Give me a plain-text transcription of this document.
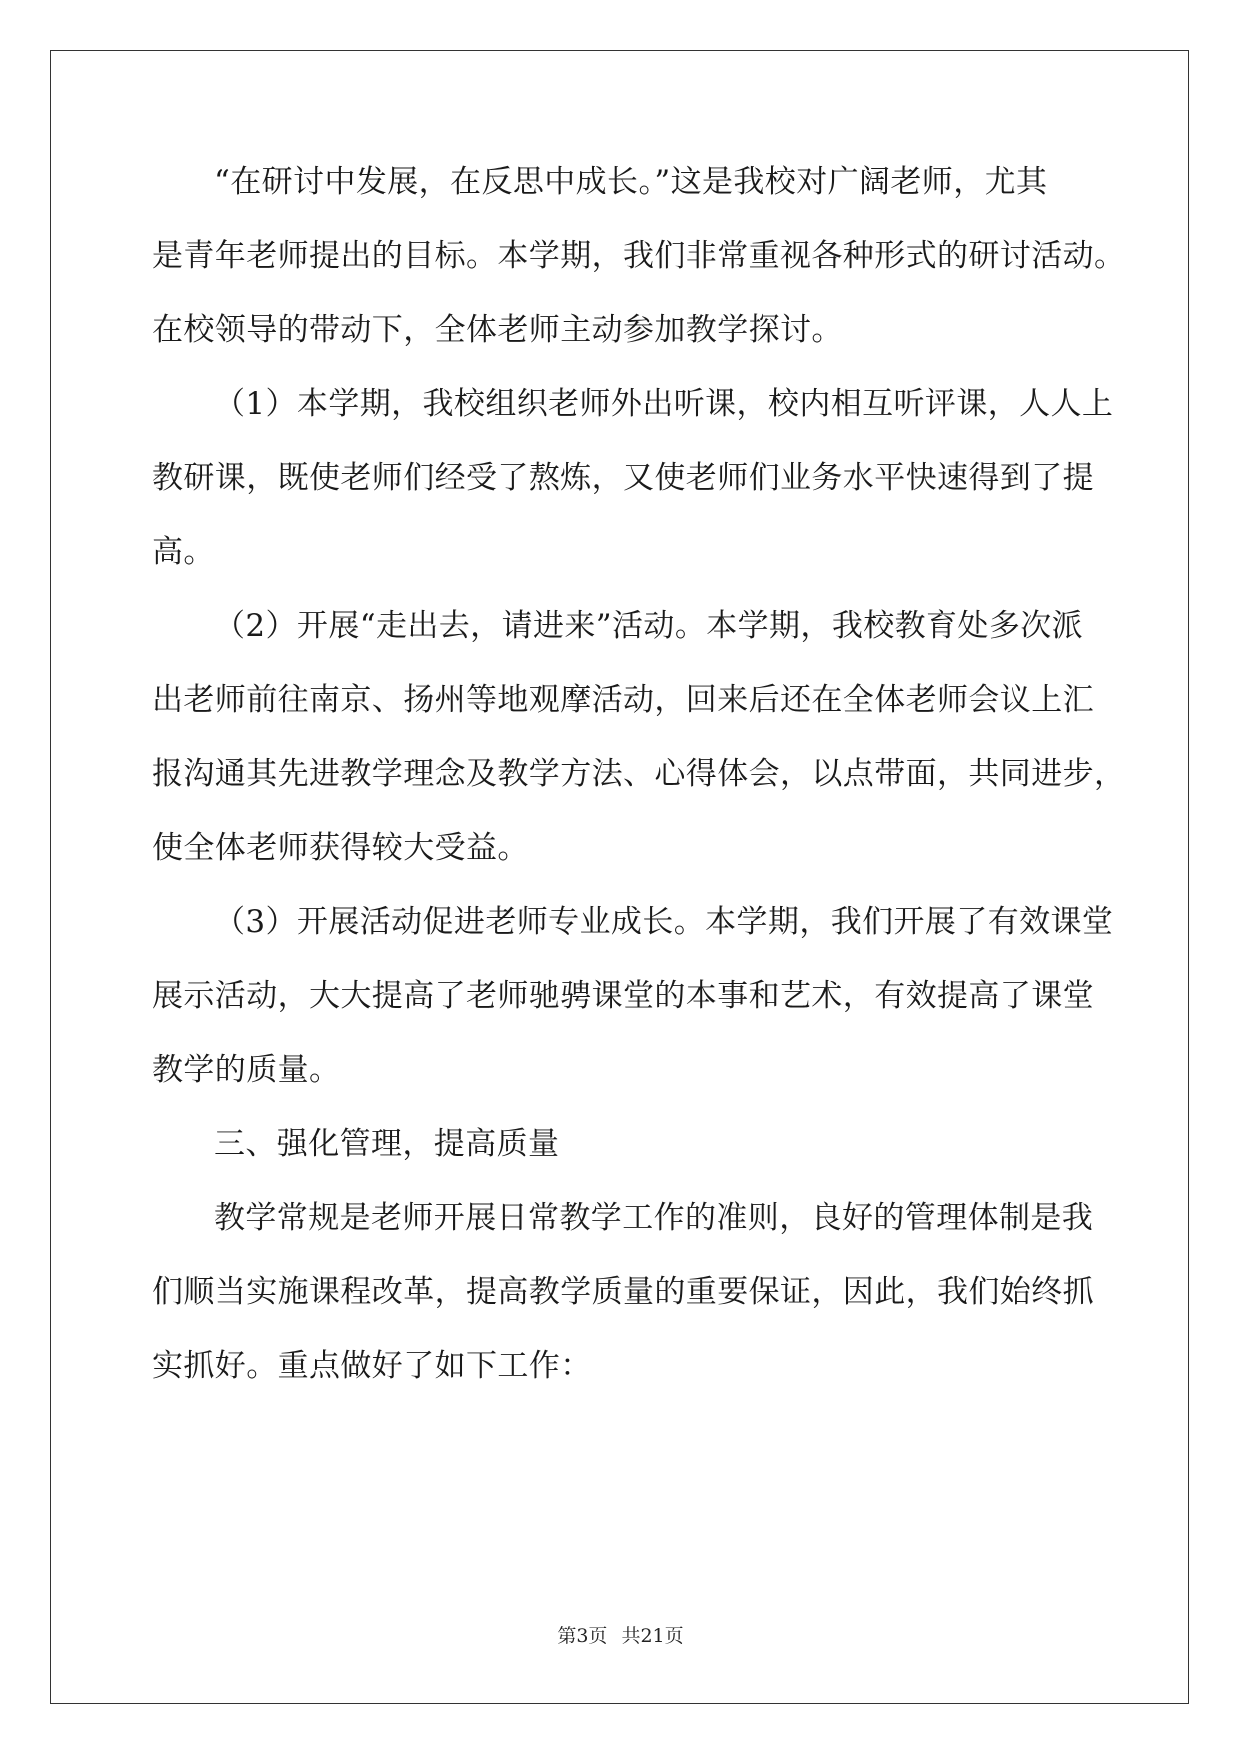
“在研讨中发展，在反思中成长。”这是我校对广阔老师，尤其
是青年老师提出的目标。本学期，我们非常重视各种形式的研讨活动。
在校领导的带动下，全体老师主动参加教学探讨。
（1）本学期，我校组织老师外出听课，校内相互听评课，人人上
教研课，既使老师们经受了熬炼，又使老师们业务水平快速得到了提
高。
（2）开展“走出去，请进来”活动。本学期，我校教育处多次派
出老师前往南京、扬州等地观摩活动，回来后还在全体老师会议上汇
报沟通其先进教学理念及教学方法、心得体会，以点带面，共同进步，
使全体老师获得较大受益。
（3）开展活动促进老师专业成长。本学期，我们开展了有效课堂
展示活动，大大提高了老师驰骋课堂的本事和艺术，有效提高了课堂
教学的质量。
三、强化管理，提高质量
教学常规是老师开展日常教学工作的准则，良好的管理体制是我
们顺当实施课程改革，提高教学质量的重要保证，因此，我们始终抓
实抓好。重点做好了如下工作：
第3页 共21页
